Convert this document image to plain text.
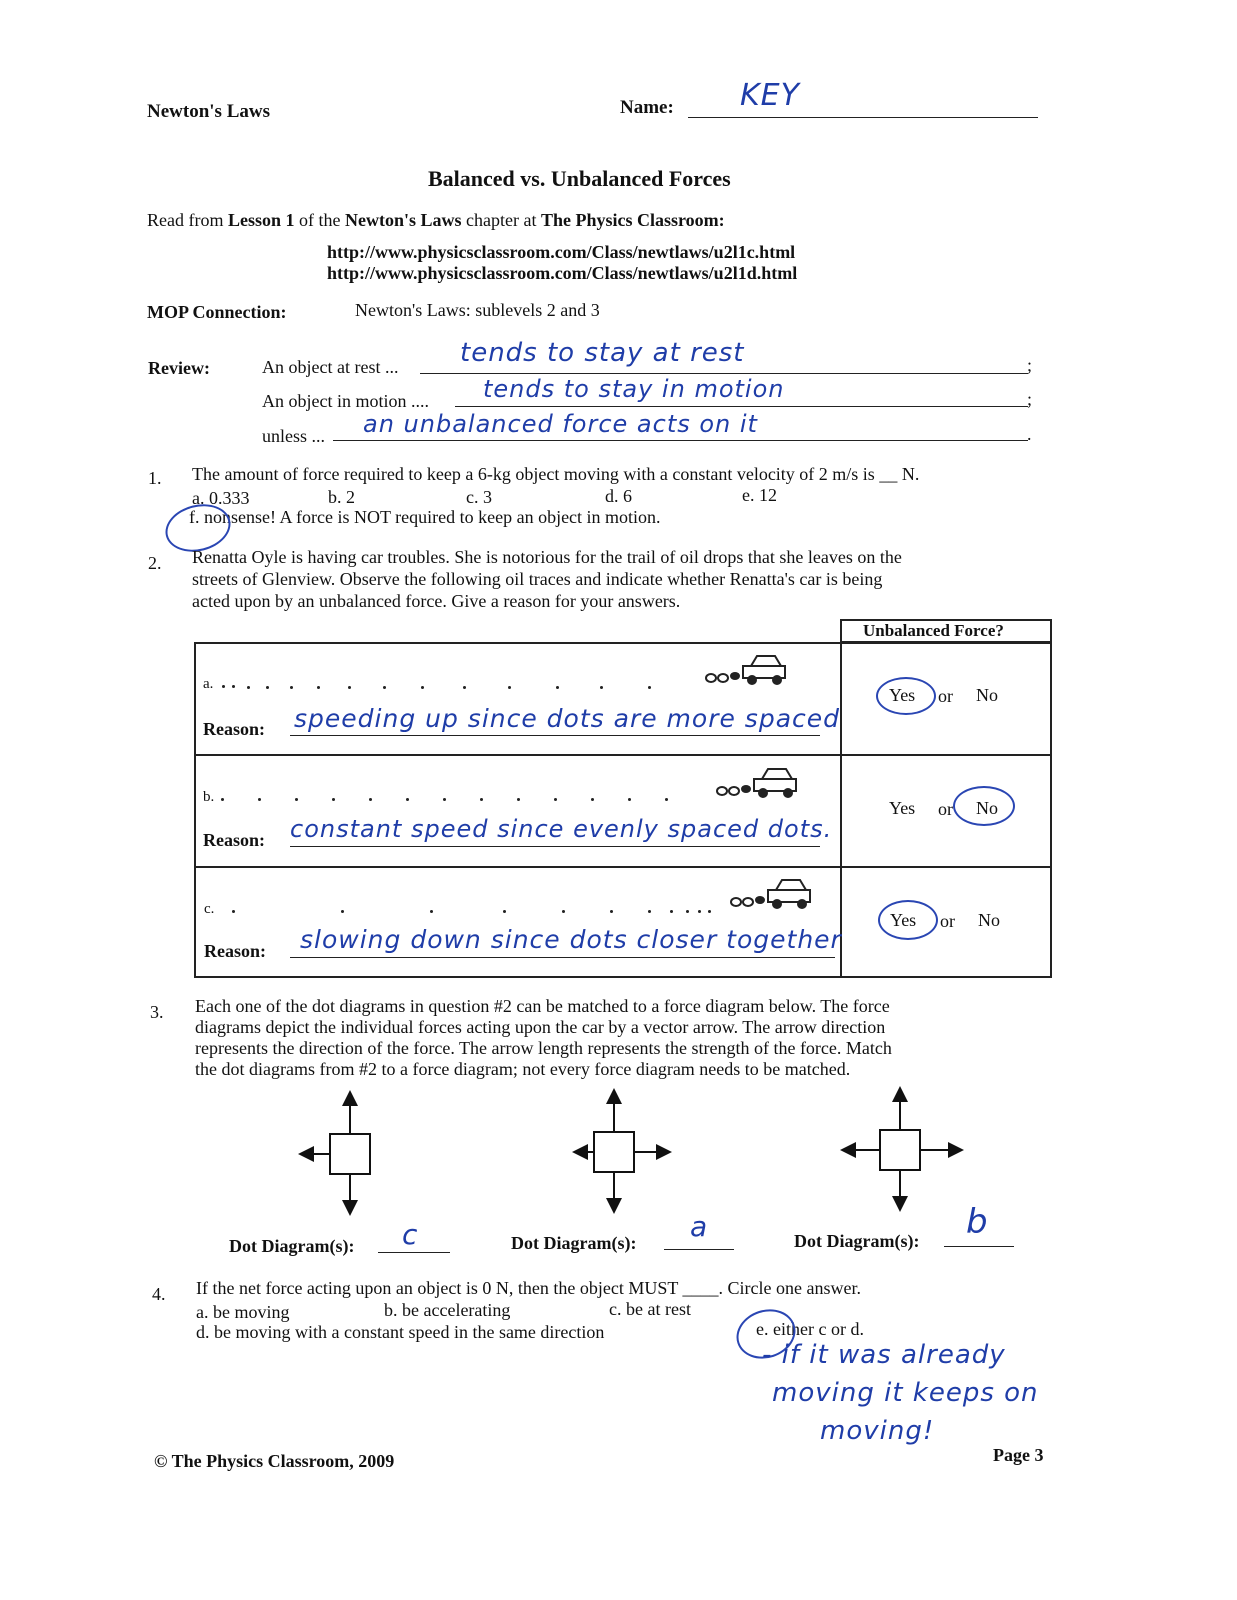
Newton's Laws	Name: KEY
Balanced vs. Unbalanced Forces
Read from Lesson 1 of the Newton's Laws chapter at The Physics Classroom:
http://www.physicsclassroom.com/Class/newtlaws/u2l1c.html
http://www.physicsclassroom.com/Class/newtlaws/u2l1d.html
MOP Connection:	Newton's Laws: sublevels 2 and 3
Review:	An object at rest ... tends to stay at rest	;
An object in motion .... tends to stay in motion	;
unless ... an unbalanced force acts on it	.
1. The amount of force required to keep a 6-kg object moving with a constant velocity of 2 m/s is __ N.
a. 0.333	b. 2	c. 3	d. 6	e. 12
f. nonsense! A force is NOT required to keep an object in motion.
2. Renatta Oyle is having car troubles. She is notorious for the trail of oil drops that she leaves on the
streets of Glenview. Observe the following oil traces and indicate whether Renatta's car is being
acted upon by an unbalanced force. Give a reason for your answers.
Unbalanced Force?
a.
Reason: speeding up since dots are more spaced
Yes or No
b.
Reason: constant speed since evenly spaced dots.
Yes or No
c.
Reason: slowing down since dots closer together
Yes or No
3. Each one of the dot diagrams in question #2 can be matched to a force diagram below. The force
diagrams depict the individual forces acting upon the car by a vector arrow. The arrow direction
represents the direction of the force. The arrow length represents the strength of the force. Match
the dot diagrams from #2 to a force diagram; not every force diagram needs to be matched.
Dot Diagram(s): c	Dot Diagram(s): a	Dot Diagram(s): b
4. If the net force acting upon an object is 0 N, then the object MUST ____. Circle one answer.
a. be moving	b. be accelerating	c. be at rest
d. be moving with a constant speed in the same direction	e. either c or d.
- if it was already
moving it keeps on
moving!
© The Physics Classroom, 2009	Page 3
